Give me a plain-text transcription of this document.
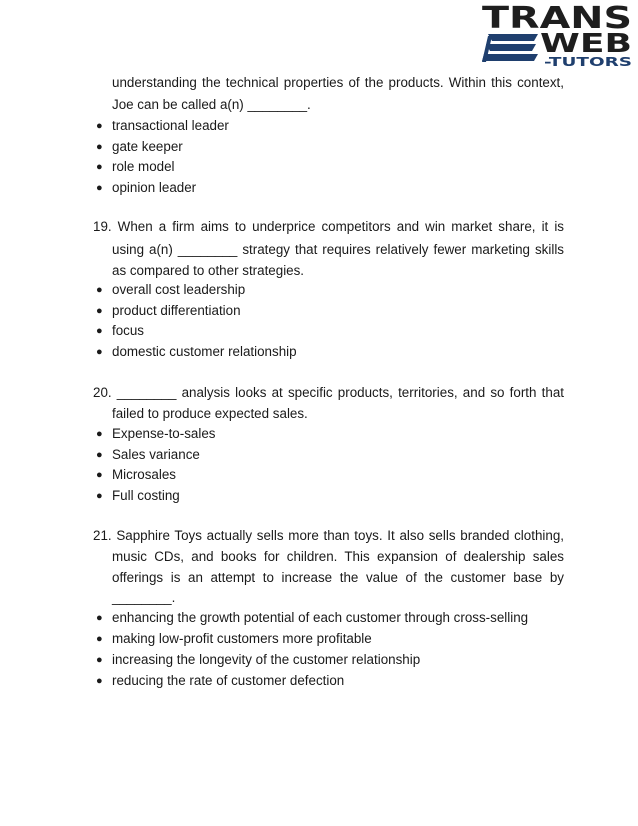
TRANS
WEB
-TUTORS
understanding the technical properties of the products. Within this context,
Joe can be called a(n) ________.
● transactional leader
● gate keeper
● role model
● opinion leader
19. When a firm aims to underprice competitors and win market share, it is
using a(n) ________ strategy that requires relatively fewer marketing skills
as compared to other strategies.
● overall cost leadership
● product differentiation
● focus
● domestic customer relationship
20. ________ analysis looks at specific products, territories, and so forth that
failed to produce expected sales.
● Expense-to-sales
● Sales variance
● Microsales
● Full costing
21. Sapphire Toys actually sells more than toys. It also sells branded clothing,
music CDs, and books for children. This expansion of dealership sales
offerings is an attempt to increase the value of the customer base by
________.
● enhancing the growth potential of each customer through cross-selling
● making low-profit customers more profitable
● increasing the longevity of the customer relationship
● reducing the rate of customer defection
